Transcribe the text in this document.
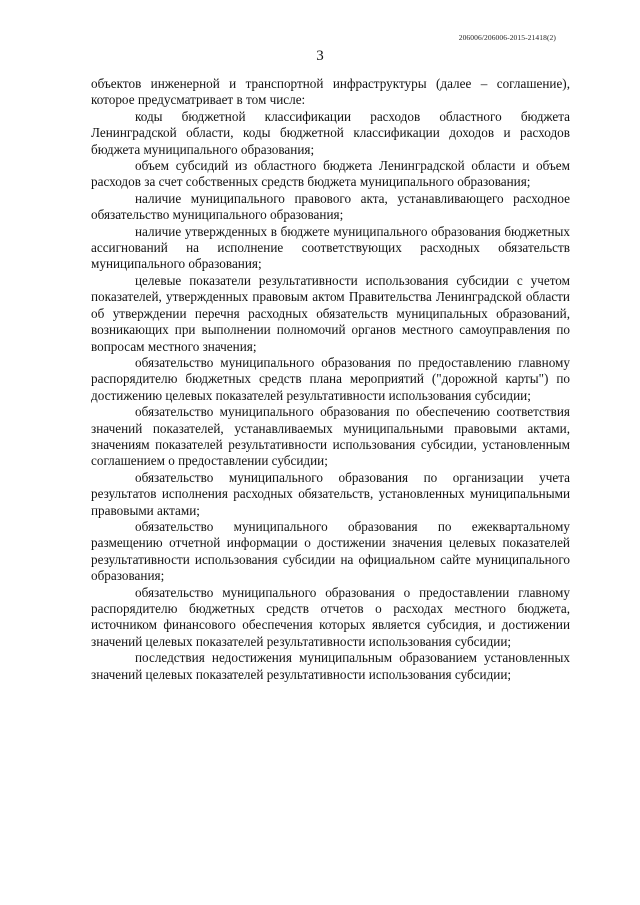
206006/206006-2015-21418(2)
3

объектов инженерной и транспортной инфраструктуры (далее – соглашение), которое предусматривает в том числе:

коды бюджетной классификации расходов областного бюджета Ленинградской области, коды бюджетной классификации доходов и расходов бюджета муниципального образования;

объем субсидий из областного бюджета Ленинградской области и объем расходов за счет собственных средств бюджета муниципального образования;

наличие муниципального правового акта, устанавливающего расходное обязательство муниципального образования;

наличие утвержденных в бюджете муниципального образования бюджетных ассигнований на исполнение соответствующих расходных обязательств муниципального образования;

целевые показатели результативности использования субсидии с учетом показателей, утвержденных правовым актом Правительства Ленинградской области об утверждении перечня расходных обязательств муниципальных образований, возникающих при выполнении полномочий органов местного самоуправления по вопросам местного значения;

обязательство муниципального образования по предоставлению главному распорядителю бюджетных средств плана мероприятий ("дорожной карты") по достижению целевых показателей результативности использования субсидии;

обязательство муниципального образования по обеспечению соответствия значений показателей, устанавливаемых муниципальными правовыми актами, значениям показателей результативности использования субсидии, установленным соглашением о предоставлении субсидии;

обязательство муниципального образования по организации учета результатов исполнения расходных обязательств, установленных муниципальными правовыми актами;

обязательство муниципального образования по ежеквартальному размещению отчетной информации о достижении значения целевых показателей результативности использования субсидии на официальном сайте муниципального образования;

обязательство муниципального образования о предоставлении главному распорядителю бюджетных средств отчетов о расходах местного бюджета, источником финансового обеспечения которых является субсидия, и достижении значений целевых показателей результативности использования субсидии;

последствия недостижения муниципальным образованием установленных значений целевых показателей результативности использования субсидии;
